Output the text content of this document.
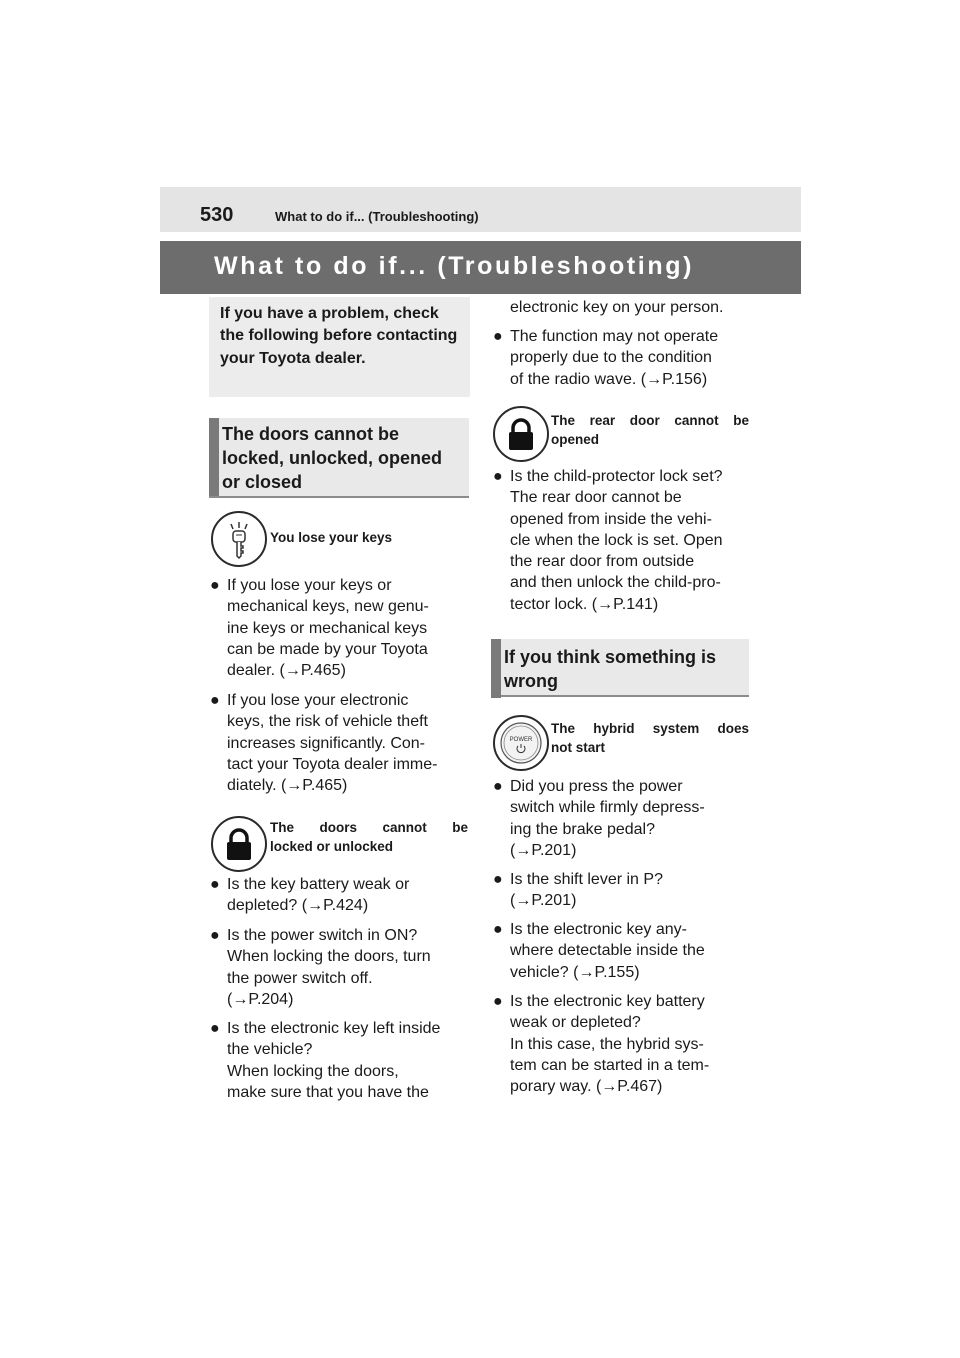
530	What to do if... (Troubleshooting)
What to do if... (Troubleshooting)
If you have a problem, check the following before contacting your Toyota dealer.
The doors cannot be locked, unlocked, opened or closed
You lose your keys
● If you lose your keys or
mechanical keys, new genu-
ine keys or mechanical keys
can be made by your Toyota
dealer. (→P.465)
● If you lose your electronic
keys, the risk of vehicle theft
increases significantly. Con-
tact your Toyota dealer imme-
diately. (→P.465)
The doors cannot be
locked or unlocked
● Is the key battery weak or
depleted? (→P.424)
● Is the power switch in ON?
When locking the doors, turn
the power switch off.
(→P.204)
● Is the electronic key left inside
the vehicle?
When locking the doors,
make sure that you have the
electronic key on your person.
● The function may not operate
properly due to the condition
of the radio wave. (→P.156)
The rear door cannot be
opened
● Is the child-protector lock set?
The rear door cannot be
opened from inside the vehi-
cle when the lock is set. Open
the rear door from outside
and then unlock the child-pro-
tector lock. (→P.141)
If you think something is wrong
POWER
The hybrid system does
not start
● Did you press the power
switch while firmly depress-
ing the brake pedal?
(→P.201)
● Is the shift lever in P?
(→P.201)
● Is the electronic key any-
where detectable inside the
vehicle? (→P.155)
● Is the electronic key battery
weak or depleted?
In this case, the hybrid sys-
tem can be started in a tem-
porary way. (→P.467)
